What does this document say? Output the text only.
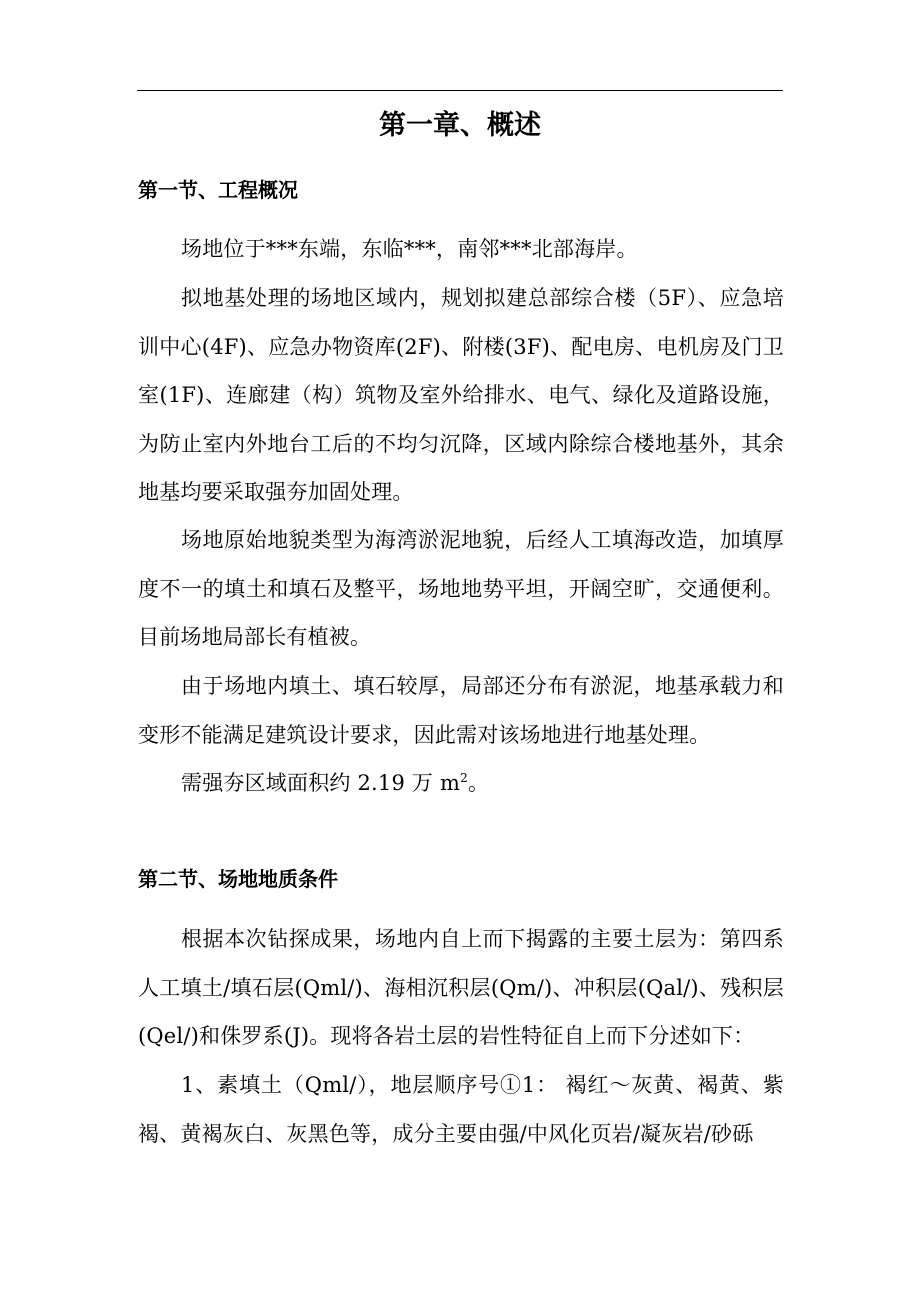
第一章、概述
第一节、工程概况
场地位于***东端，东临***，南邻***北部海岸。
拟地基处理的场地区域内，规划拟建总部综合楼（5F）、应急培训中心(4F)、应急办物资库(2F)、附楼(3F)、配电房、电机房及门卫室(1F)、连廊建（构）筑物及室外给排水、电气、绿化及道路设施，为防止室内外地台工后的不均匀沉降，区域内除综合楼地基外，其余地基均要采取强夯加固处理。
场地原始地貌类型为海湾淤泥地貌，后经人工填海改造，加填厚度不一的填土和填石及整平，场地地势平坦，开阔空旷，交通便利。目前场地局部长有植被。
由于场地内填土、填石较厚，局部还分布有淤泥，地基承载力和变形不能满足建筑设计要求，因此需对该场地进行地基处理。
需强夯区域面积约 2.19 万 $m^2$。
第二节、场地地质条件
根据本次钻探成果，场地内自上而下揭露的主要土层为：第四系人工填土/填石层(Qml/)、海相沉积层(Qm/)、冲积层(Qal/)、残积层(Qel/)和侏罗系(J)。现将各岩土层的岩性特征自上而下分述如下：
1、素填土（Qml/），地层顺序号①1： 褐红～灰黄、褐黄、紫褐、黄褐灰白、灰黑色等，成分主要由强/中风化页岩/凝灰岩/砂砾
